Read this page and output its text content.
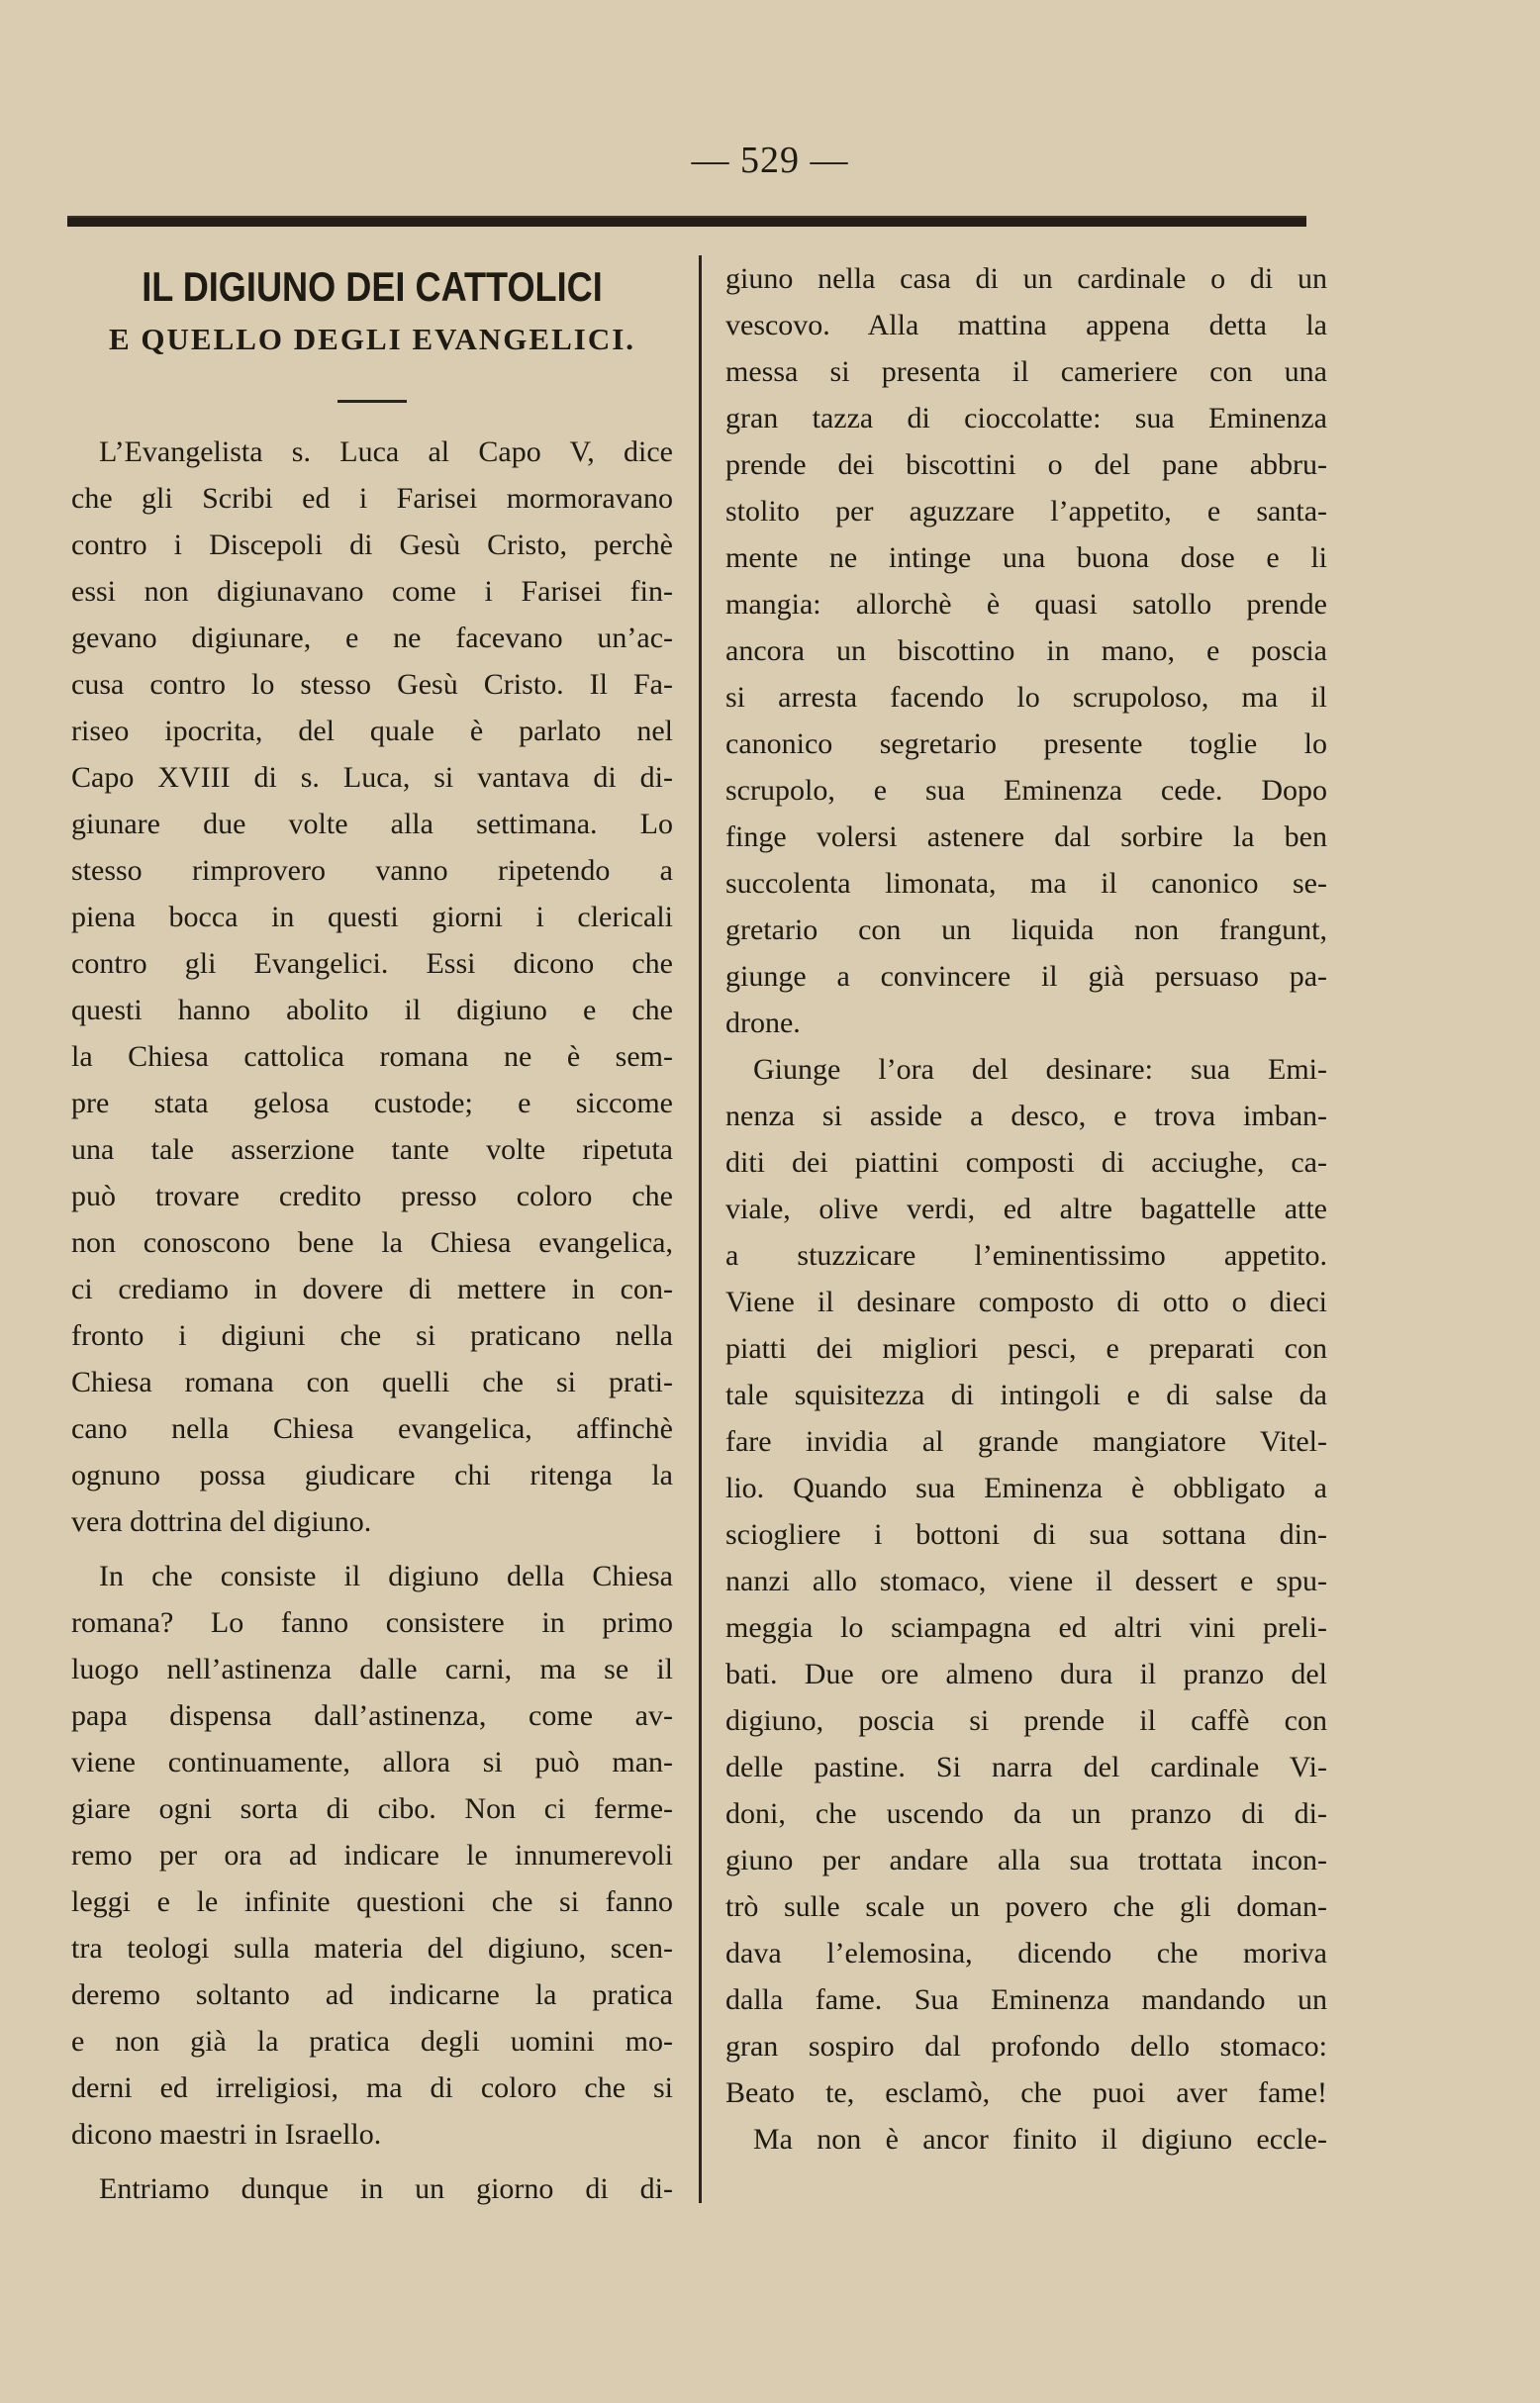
— 529 —
IL DIGIUNO DEI CATTOLICI
E QUELLO DEGLI EVANGELICI.
L’Evangelista s. Luca al Capo V, dice
che gli Scribi ed i Farisei mormoravano
contro i Discepoli di Gesù Cristo, perchè
essi non digiunavano come i Farisei fin-
gevano digiunare, e ne facevano un’ac-
cusa contro lo stesso Gesù Cristo. Il Fa-
riseo ipocrita, del quale è parlato nel
Capo XVIII di s. Luca, si vantava di di-
giunare due volte alla settimana. Lo
stesso rimprovero vanno ripetendo a
piena bocca in questi giorni i clericali
contro gli Evangelici. Essi dicono che
questi hanno abolito il digiuno e che
la Chiesa cattolica romana ne è sem-
pre stata gelosa custode; e siccome
una tale asserzione tante volte ripetuta
può trovare credito presso coloro che
non conoscono bene la Chiesa evangelica,
ci crediamo in dovere di mettere in con-
fronto i digiuni che si praticano nella
Chiesa romana con quelli che si prati-
cano nella Chiesa evangelica, affinchè
ognuno possa giudicare chi ritenga la
vera dottrina del digiuno.
In che consiste il digiuno della Chiesa
romana? Lo fanno consistere in primo
luogo nell’astinenza dalle carni, ma se il
papa dispensa dall’astinenza, come av-
viene continuamente, allora si può man-
giare ogni sorta di cibo. Non ci ferme-
remo per ora ad indicare le innumerevoli
leggi e le infinite questioni che si fanno
tra teologi sulla materia del digiuno, scen-
deremo soltanto ad indicarne la pratica
e non già la pratica degli uomini mo-
derni ed irreligiosi, ma di coloro che si
dicono maestri in Israello.
Entriamo dunque in un giorno di di-
giuno nella casa di un cardinale o di un
vescovo. Alla mattina appena detta la
messa si presenta il cameriere con una
gran tazza di cioccolatte: sua Eminenza
prende dei biscottini o del pane abbru-
stolito per aguzzare l’appetito, e santa-
mente ne intinge una buona dose e li
mangia: allorchè è quasi satollo prende
ancora un biscottino in mano, e poscia
si arresta facendo lo scrupoloso, ma il
canonico segretario presente toglie lo
scrupolo, e sua Eminenza cede. Dopo
finge volersi astenere dal sorbire la ben
succolenta limonata, ma il canonico se-
gretario con un liquida non frangunt,
giunge a convincere il già persuaso pa-
drone.
Giunge l’ora del desinare: sua Emi-
nenza si asside a desco, e trova imban-
diti dei piattini composti di acciughe, ca-
viale, olive verdi, ed altre bagattelle atte
a stuzzicare l’eminentissimo appetito.
Viene il desinare composto di otto o dieci
piatti dei migliori pesci, e preparati con
tale squisitezza di intingoli e di salse da
fare invidia al grande mangiatore Vitel-
lio. Quando sua Eminenza è obbligato a
sciogliere i bottoni di sua sottana din-
nanzi allo stomaco, viene il dessert e spu-
meggia lo sciampagna ed altri vini preli-
bati. Due ore almeno dura il pranzo del
digiuno, poscia si prende il caffè con
delle pastine. Si narra del cardinale Vi-
doni, che uscendo da un pranzo di di-
giuno per andare alla sua trottata incon-
trò sulle scale un povero che gli doman-
dava l’elemosina, dicendo che moriva
dalla fame. Sua Eminenza mandando un
gran sospiro dal profondo dello stomaco:
Beato te, esclamò, che puoi aver fame!
Ma non è ancor finito il digiuno eccle-
